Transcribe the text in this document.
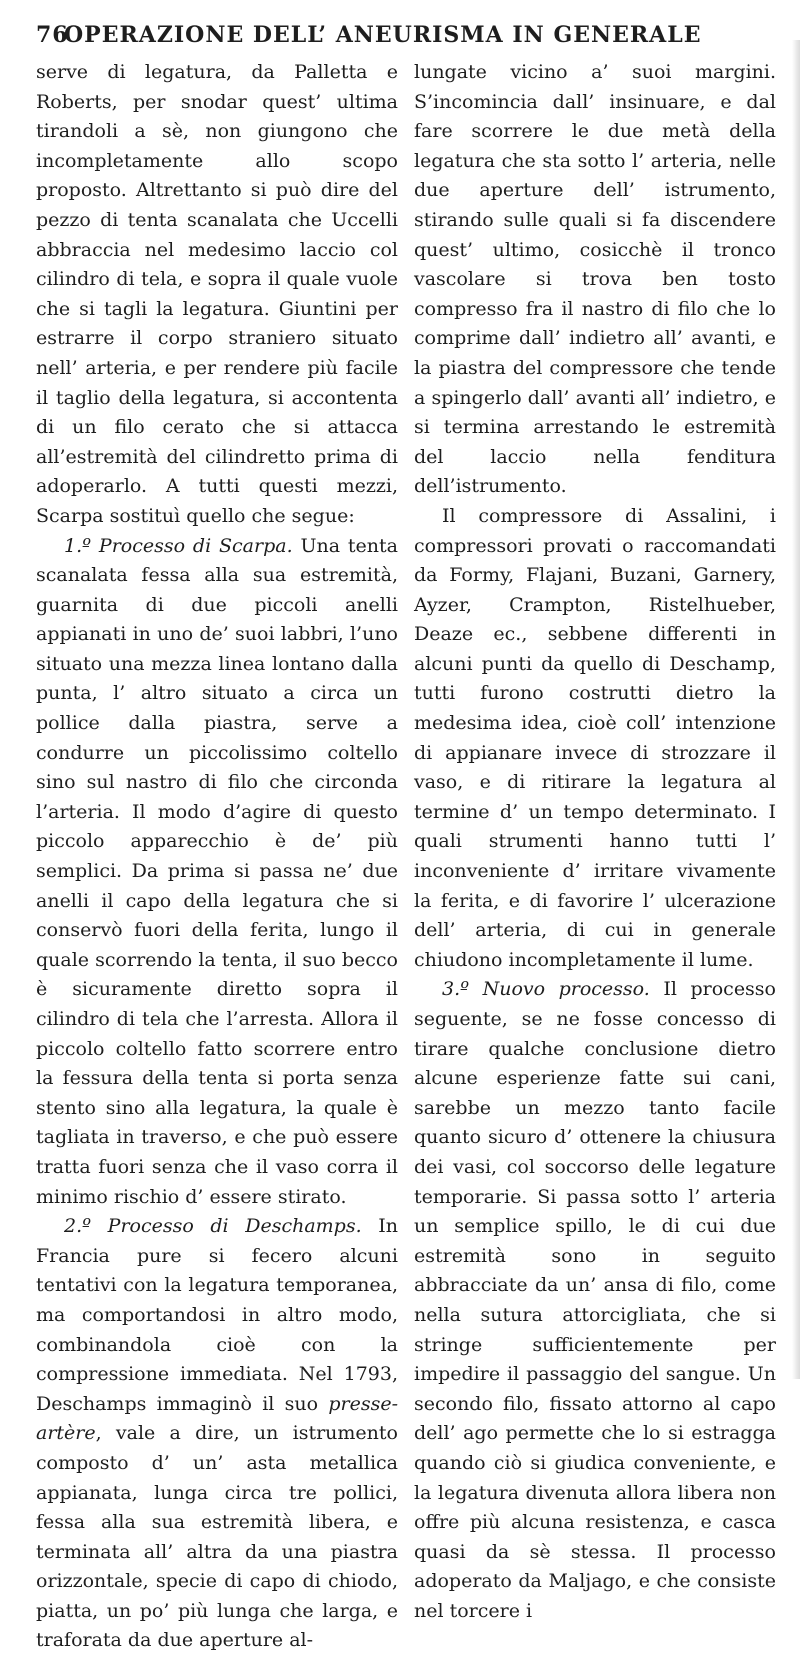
76
OPERAZIONE DELL’ ANEURISMA IN GENERALE

serve di legatura, da Palletta e Roberts, per snodar quest’ ultima tirandoli a sè, non giungono che incompletamente allo scopo proposto. Altrettanto si può dire del pezzo di tenta scanalata che Uccelli abbraccia nel medesimo laccio col cilindro di tela, e sopra il quale vuole che si tagli la legatura. Giuntini per estrarre il corpo straniero situato nell’ arteria, e per rendere più facile il taglio della legatura, si accontenta di un filo cerato che si attacca all’estremità del cilindretto prima di adoperarlo. A tutti questi mezzi, Scarpa sostituì quello che segue:

1.º Processo di Scarpa. Una tenta scanalata fessa alla sua estremità, guarnita di due piccoli anelli appianati in uno de’ suoi labbri, l’uno situato una mezza linea lontano dalla punta, l’ altro situato a circa un pollice dalla piastra, serve a condurre un piccolissimo coltello sino sul nastro di filo che circonda l’arteria. Il modo d’agire di questo piccolo apparecchio è de’ più semplici. Da prima si passa ne’ due anelli il capo della legatura che si conservò fuori della ferita, lungo il quale scorrendo la tenta, il suo becco è sicuramente diretto sopra il cilindro di tela che l’arresta. Allora il piccolo coltello fatto scorrere entro la fessura della tenta si porta senza stento sino alla legatura, la quale è tagliata in traverso, e che può essere tratta fuori senza che il vaso corra il minimo rischio d’ essere stirato.

2.º Processo di Deschamps. In Francia pure si fecero alcuni tentativi con la legatura temporanea, ma comportandosi in altro modo, combinandola cioè con la compressione immediata. Nel 1793, Deschamps immaginò il suo presse-artère, vale a dire, un istrumento composto d’ un’ asta metallica appianata, lunga circa tre pollici, fessa alla sua estremità libera, e terminata all’ altra da una piastra orizzontale, specie di capo di chiodo, piatta, un po’ più lunga che larga, e traforata da due aperture al-

lungate vicino a’ suoi margini. S’incomincia dall’ insinuare, e dal fare scorrere le due metà della legatura che sta sotto l’ arteria, nelle due aperture dell’ istrumento, stirando sulle quali si fa discendere quest’ ultimo, cosicchè il tronco vascolare si trova ben tosto compresso fra il nastro di filo che lo comprime dall’ indietro all’ avanti, e la piastra del compressore che tende a spingerlo dall’ avanti all’ indietro, e si termina arrestando le estremità del laccio nella fenditura dell’istrumento.

Il compressore di Assalini, i compressori provati o raccomandati da Formy, Flajani, Buzani, Garnery, Ayzer, Crampton, Ristelhueber, Deaze ec., sebbene differenti in alcuni punti da quello di Deschamp, tutti furono costrutti dietro la medesima idea, cioè coll’ intenzione di appianare invece di strozzare il vaso, e di ritirare la legatura al termine d’ un tempo determinato. I quali strumenti hanno tutti l’ inconveniente d’ irritare vivamente la ferita, e di favorire l’ ulcerazione dell’ arteria, di cui in generale chiudono incompletamente il lume.

3.º Nuovo processo. Il processo seguente, se ne fosse concesso di tirare qualche conclusione dietro alcune esperienze fatte sui cani, sarebbe un mezzo tanto facile quanto sicuro d’ ottenere la chiusura dei vasi, col soccorso delle legature temporarie. Si passa sotto l’ arteria un semplice spillo, le di cui due estremità sono in seguito abbracciate da un’ ansa di filo, come nella sutura attorcigliata, che si stringe sufficientemente per impedire il passaggio del sangue. Un secondo filo, fissato attorno al capo dell’ ago permette che lo si estragga quando ciò si giudica conveniente, e la legatura divenuta allora libera non offre più alcuna resistenza, e casca quasi da sè stessa. Il processo adoperato da Maljago, e che consiste nel torcere i
